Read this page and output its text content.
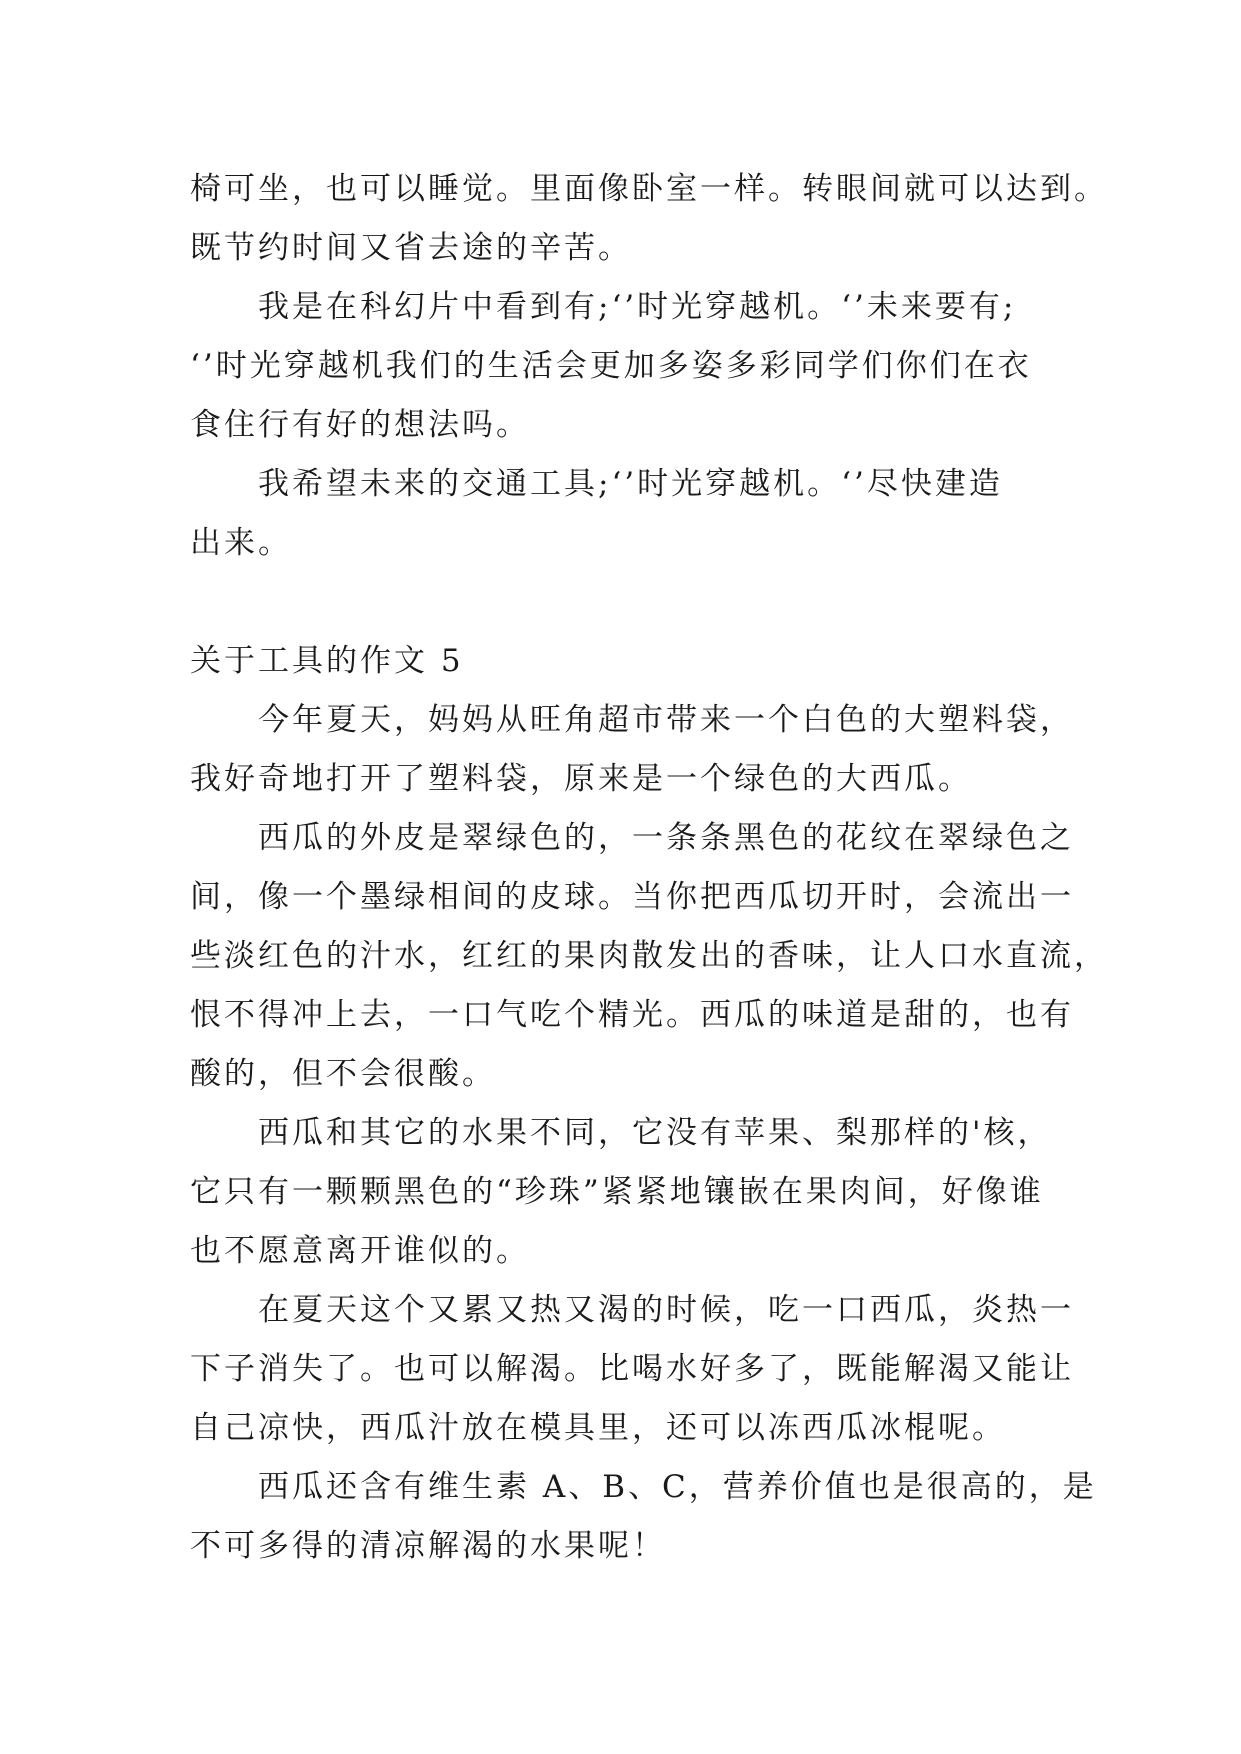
椅可坐，也可以睡觉。里面像卧室一样。转眼间就可以达到。
既节约时间又省去途的辛苦。
我是在科幻片中看到有;‘’时光穿越机。‘’未来要有;
‘’时光穿越机我们的生活会更加多姿多彩同学们你们在衣
食住行有好的想法吗。
我希望未来的交通工具;‘’时光穿越机。‘’尽快建造
出来。
关于工具的作文 5
今年夏天，妈妈从旺角超市带来一个白色的大塑料袋，
我好奇地打开了塑料袋，原来是一个绿色的大西瓜。
西瓜的外皮是翠绿色的，一条条黑色的花纹在翠绿色之
间，像一个墨绿相间的皮球。当你把西瓜切开时，会流出一
些淡红色的汁水，红红的果肉散发出的香味，让人口水直流，
恨不得冲上去，一口气吃个精光。西瓜的味道是甜的，也有
酸的，但不会很酸。
西瓜和其它的水果不同，它没有苹果、梨那样的'核，
它只有一颗颗黑色的“珍珠”紧紧地镶嵌在果肉间，好像谁
也不愿意离开谁似的。
在夏天这个又累又热又渴的时候，吃一口西瓜，炎热一
下子消失了。也可以解渴。比喝水好多了，既能解渴又能让
自己凉快，西瓜汁放在模具里，还可以冻西瓜冰棍呢。
西瓜还含有维生素 A、B、C，营养价值也是很高的，是
不可多得的清凉解渴的水果呢！
